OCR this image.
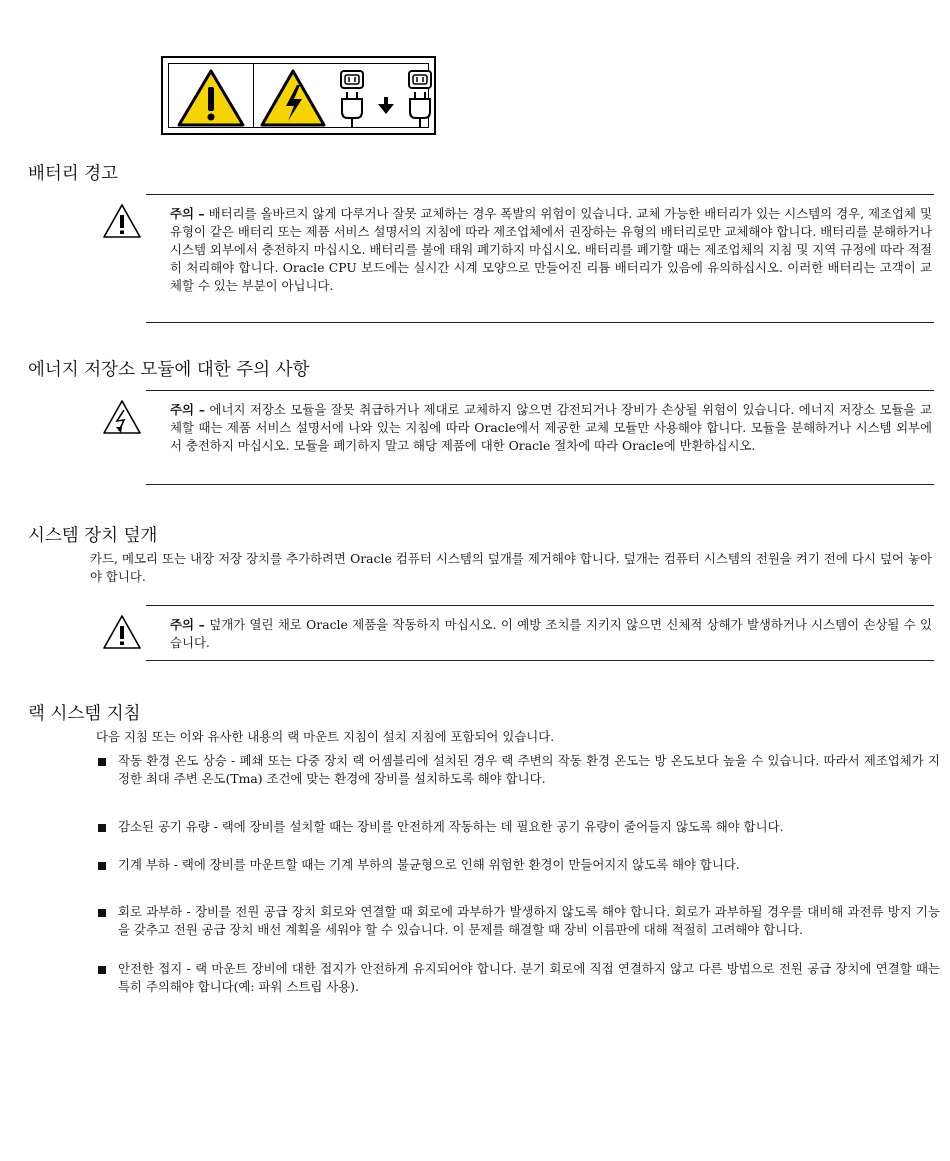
배터리 경고

주의 – 배터리를 올바르지 않게 다루거나 잘못 교체하는 경우 폭발의 위험이 있습니다. 교체 가능한 배터리가 있는 시스템의 경우, 제조업체 및 유형이 같은 배터리 또는 제품 서비스 설명서의 지침에 따라 제조업체에서 권장하는 유형의 배터리로만 교체해야 합니다. 배터리를 분해하거나 시스템 외부에서 충전하지 마십시오. 배터리를 불에 태워 폐기하지 마십시오. 배터리를 폐기할 때는 제조업체의 지침 및 지역 규정에 따라 적절히 처리해야 합니다. Oracle CPU 보드에는 실시간 시계 모양으로 만들어진 리튬 배터리가 있음에 유의하십시오. 이러한 배터리는 고객이 교체할 수 있는 부분이 아닙니다.

에너지 저장소 모듈에 대한 주의 사항

주의 – 에너지 저장소 모듈을 잘못 취급하거나 제대로 교체하지 않으면 감전되거나 장비가 손상될 위험이 있습니다. 에너지 저장소 모듈을 교체할 때는 제품 서비스 설명서에 나와 있는 지침에 따라 Oracle에서 제공한 교체 모듈만 사용해야 합니다. 모듈을 분해하거나 시스템 외부에서 충전하지 마십시오. 모듈을 폐기하지 말고 해당 제품에 대한 Oracle 절차에 따라 Oracle에 반환하십시오.

시스템 장치 덮개

카드, 메모리 또는 내장 저장 장치를 추가하려면 Oracle 컴퓨터 시스템의 덮개를 제거해야 합니다. 덮개는 컴퓨터 시스템의 전원을 켜기 전에 다시 덮어 놓아야 합니다.

주의 – 덮개가 열린 채로 Oracle 제품을 작동하지 마십시오. 이 예방 조치를 지키지 않으면 신체적 상해가 발생하거나 시스템이 손상될 수 있습니다.

랙 시스템 지침

다음 지침 또는 이와 유사한 내용의 랙 마운트 지침이 설치 지침에 포함되어 있습니다.

작동 환경 온도 상승 - 폐쇄 또는 다중 장치 랙 어셈블리에 설치된 경우 랙 주변의 작동 환경 온도는 방 온도보다 높을 수 있습니다. 따라서 제조업체가 지정한 최대 주변 온도(Tma) 조건에 맞는 환경에 장비를 설치하도록 해야 합니다.
감소된 공기 유량 - 랙에 장비를 설치할 때는 장비를 안전하게 작동하는 데 필요한 공기 유량이 줄어들지 않도록 해야 합니다.
기계 부하 - 랙에 장비를 마운트할 때는 기계 부하의 불균형으로 인해 위험한 환경이 만들어지지 않도록 해야 합니다.
회로 과부하 - 장비를 전원 공급 장치 회로와 연결할 때 회로에 과부하가 발생하지 않도록 해야 합니다. 회로가 과부하될 경우를 대비해 과전류 방지 기능을 갖추고 전원 공급 장치 배선 계획을 세워야 할 수 있습니다. 이 문제를 해결할 때 장비 이름판에 대해 적절히 고려해야 합니다.
안전한 접지 - 랙 마운트 장비에 대한 접지가 안전하게 유지되어야 합니다. 분기 회로에 직접 연결하지 않고 다른 방법으로 전원 공급 장치에 연결할 때는 특히 주의해야 합니다(예: 파워 스트립 사용).
